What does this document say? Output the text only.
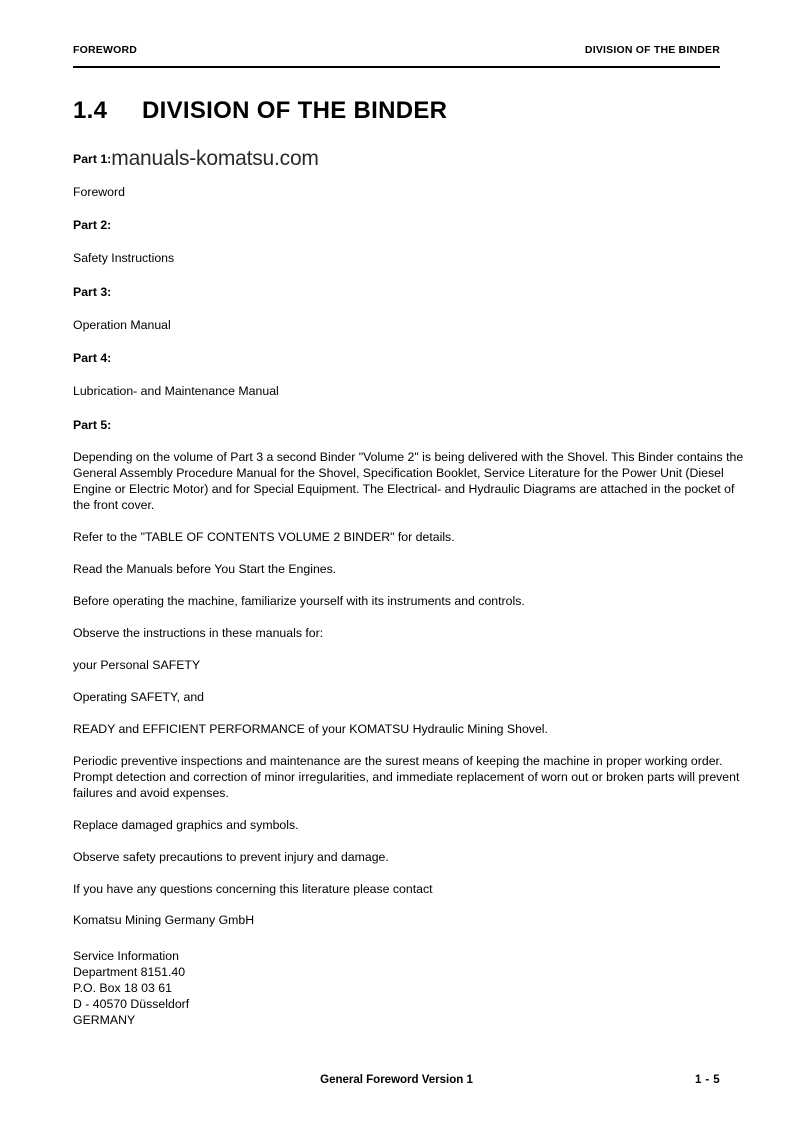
FOREWORD	DIVISION OF THE BINDER
1.4 DIVISION OF THE BINDER
Part 1:manuals-komatsu.com
Foreword
Part 2:
Safety Instructions
Part 3:
Operation Manual
Part 4:
Lubrication- and Maintenance Manual
Part 5:
Depending on the volume of Part 3 a second Binder "Volume 2" is being delivered with the Shovel. This Binder contains the General Assembly Procedure Manual for the Shovel, Specification Booklet, Service Literature for the Power Unit (Diesel Engine or Electric Motor) and for Special Equipment. The Electrical- and Hydraulic Diagrams are attached in the pocket of the front cover.
Refer to the "TABLE OF CONTENTS VOLUME 2 BINDER" for details.
Read the Manuals before You Start the Engines.
Before operating the machine, familiarize yourself with its instruments and controls.
Observe the instructions in these manuals for:
your Personal SAFETY
Operating SAFETY, and
READY and EFFICIENT PERFORMANCE of your KOMATSU Hydraulic Mining Shovel.
Periodic preventive inspections and maintenance are the surest means of keeping the machine in proper working order. Prompt detection and correction of minor irregularities, and immediate replacement of worn out or broken parts will prevent failures and avoid expenses.
Replace damaged graphics and symbols.
Observe safety precautions to prevent injury and damage.
If you have any questions concerning this literature please contact
Komatsu Mining Germany GmbH
Service Information
Department 8151.40
P.O. Box 18 03 61
D - 40570 Düsseldorf
GERMANY
General Foreword Version 1	1 - 5
